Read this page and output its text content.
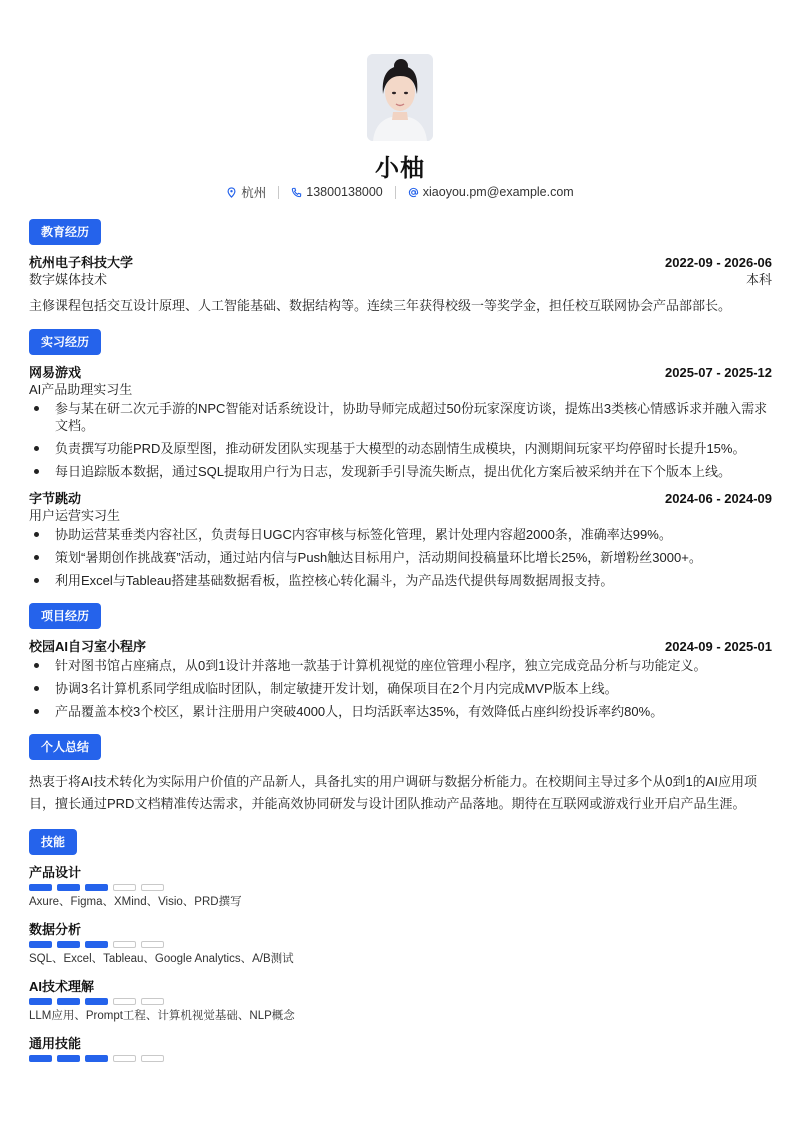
小柚
杭州	13800138000	xiaoyou.pm@example.com
教育经历
杭州电子科技大学	2022-09 - 2026-06
数字媒体技术	本科
主修课程包括交互设计原理、人工智能基础、数据结构等。连续三年获得校级一等奖学金，担任校互联网协会产品部部长。
实习经历
网易游戏	2025-07 - 2025-12
AI产品助理实习生
参与某在研二次元手游的NPC智能对话系统设计，协助导师完成超过50份玩家深度访谈，提炼出3类核心情感诉求并融入需求文档。
负责撰写功能PRD及原型图，推动研发团队实现基于大模型的动态剧情生成模块，内测期间玩家平均停留时长提升15%。
每日追踪版本数据，通过SQL提取用户行为日志，发现新手引导流失断点，提出优化方案后被采纳并在下个版本上线。
字节跳动	2024-06 - 2024-09
用户运营实习生
协助运营某垂类内容社区，负责每日UGC内容审核与标签化管理，累计处理内容超2000条，准确率达99%。
策划“暑期创作挑战赛”活动，通过站内信与Push触达目标用户，活动期间投稿量环比增长25%，新增粉丝3000+。
利用Excel与Tableau搭建基础数据看板，监控核心转化漏斗，为产品迭代提供每周数据周报支持。
项目经历
校园AI自习室小程序	2024-09 - 2025-01
针对图书馆占座痛点，从0到1设计并落地一款基于计算机视觉的座位管理小程序，独立完成竞品分析与功能定义。
协调3名计算机系同学组成临时团队，制定敏捷开发计划，确保项目在2个月内完成MVP版本上线。
产品覆盖本校3个校区，累计注册用户突破4000人，日均活跃率达35%，有效降低占座纠纷投诉率约80%。
个人总结
热衷于将AI技术转化为实际用户价值的产品新人，具备扎实的用户调研与数据分析能力。在校期间主导过多个从0到1的AI应用项目，擅长通过PRD文档精准传达需求，并能高效协同研发与设计团队推动产品落地。期待在互联网或游戏行业开启产品生涯。
技能
产品设计
Axure、Figma、XMind、Visio、PRD撰写
数据分析
SQL、Excel、Tableau、Google Analytics、A/B测试
AI技术理解
LLM应用、Prompt工程、计算机视觉基础、NLP概念
通用技能
